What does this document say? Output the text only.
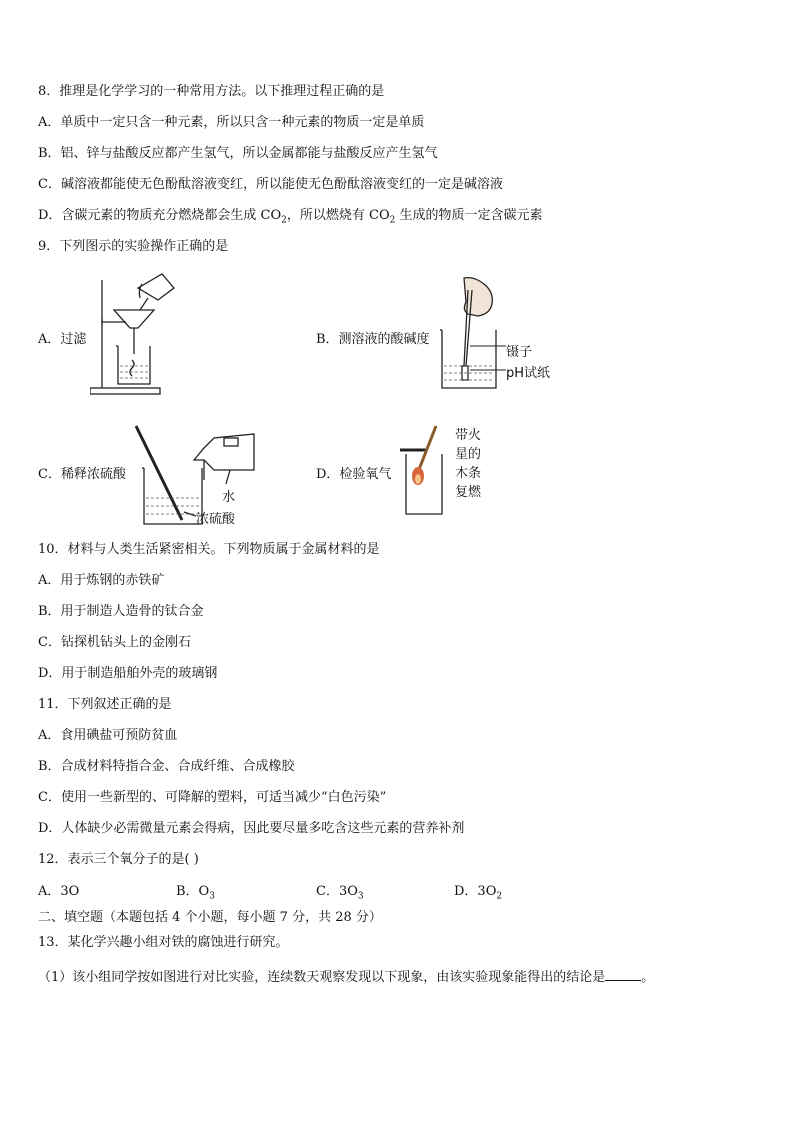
8．推理是化学学习的一种常用方法。以下推理过程正确的是
A．单质中一定只含一种元素，所以只含一种元素的物质一定是单质
B．铝、锌与盐酸反应都产生氢气，所以金属都能与盐酸反应产生氢气
C．碱溶液都能使无色酚酞溶液变红，所以能使无色酚酞溶液变红的一定是碱溶液
D．含碳元素的物质充分燃烧都会生成 $CO_2$，所以燃烧有 $CO_2$ 生成的物质一定含碳元素
9．下列图示的实验操作正确的是
A．过滤	B．测溶液的酸碱度
镊子
pH试纸
C．稀释浓硫酸
水
浓硫酸
D．检验氧气
带火
星的
木条
复燃
10．材料与人类生活紧密相关。下列物质属于金属材料的是
A．用于炼钢的赤铁矿
B．用于制造人造骨的钛合金
C．钻探机钻头上的金刚石
D．用于制造船舶外壳的玻璃钢
11．下列叙述正确的是
A．食用碘盐可预防贫血
B．合成材料特指合金、合成纤维、合成橡胶
C．使用一些新型的、可降解的塑料，可适当减少“白色污染”
D．人体缺少必需微量元素会得病，因此要尽量多吃含这些元素的营养补剂
12．表示三个氧分子的是( )
A．3O	B．$O_3$	C．$3O_3$	D．$3O_2$
二、填空题（本题包括 4 个小题，每小题 7 分，共 28 分）
13．某化学兴趣小组对铁的腐蚀进行研究。
（1）该小组同学按如图进行对比实验，连续数天观察发现以下现象，由该实验现象能得出的结论是	。
